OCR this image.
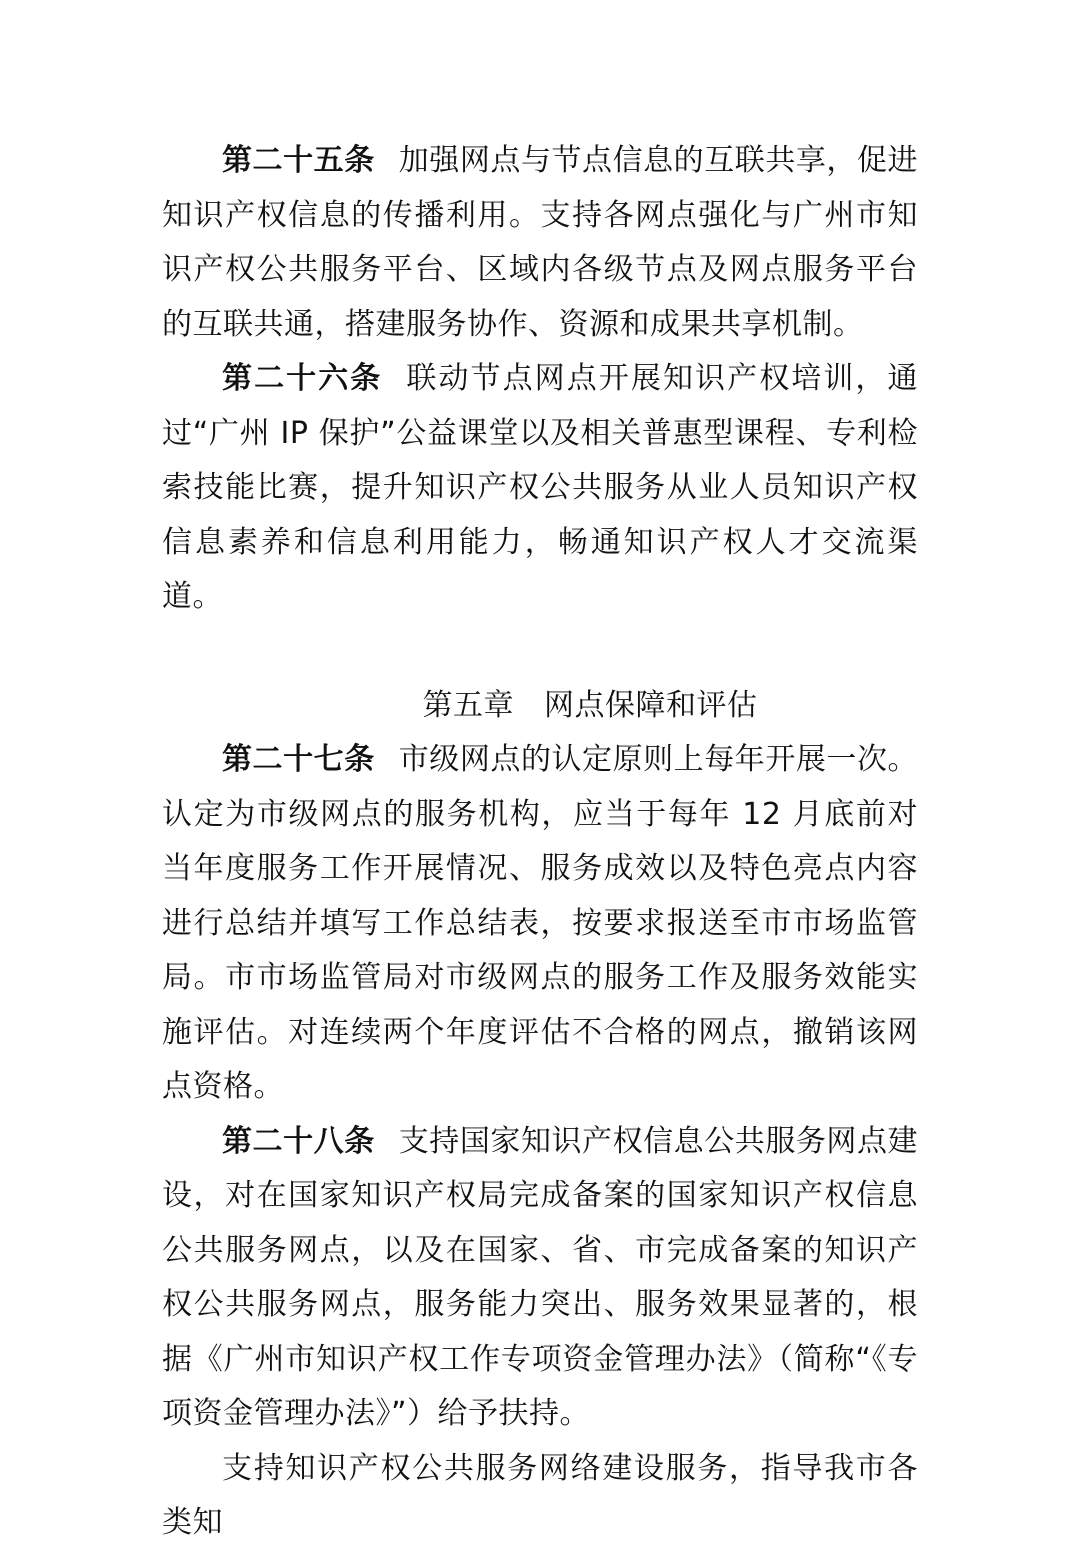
第二十五条 加强网点与节点信息的互联共享，促进知识产权信息的传播利用。支持各网点强化与广州市知识产权公共服务平台、区域内各级节点及网点服务平台的互联共通，搭建服务协作、资源和成果共享机制。

第二十六条 联动节点网点开展知识产权培训，通过“广州 IP 保护”公益课堂以及相关普惠型课程、专利检索技能比赛，提升知识产权公共服务从业人员知识产权信息素养和信息利用能力，畅通知识产权人才交流渠道。

第五章 网点保障和评估

第二十七条 市级网点的认定原则上每年开展一次。认定为市级网点的服务机构，应当于每年 12 月底前对当年度服务工作开展情况、服务成效以及特色亮点内容进行总结并填写工作总结表，按要求报送至市市场监管局。市市场监管局对市级网点的服务工作及服务效能实施评估。对连续两个年度评估不合格的网点，撤销该网点资格。

第二十八条 支持国家知识产权信息公共服务网点建设，对在国家知识产权局完成备案的国家知识产权信息公共服务网点，以及在国家、省、市完成备案的知识产权公共服务网点，服务能力突出、服务效果显著的，根据《广州市知识产权工作专项资金管理办法》（简称“《专项资金管理办法》”）给予扶持。

支持知识产权公共服务网络建设服务，指导我市各类知
